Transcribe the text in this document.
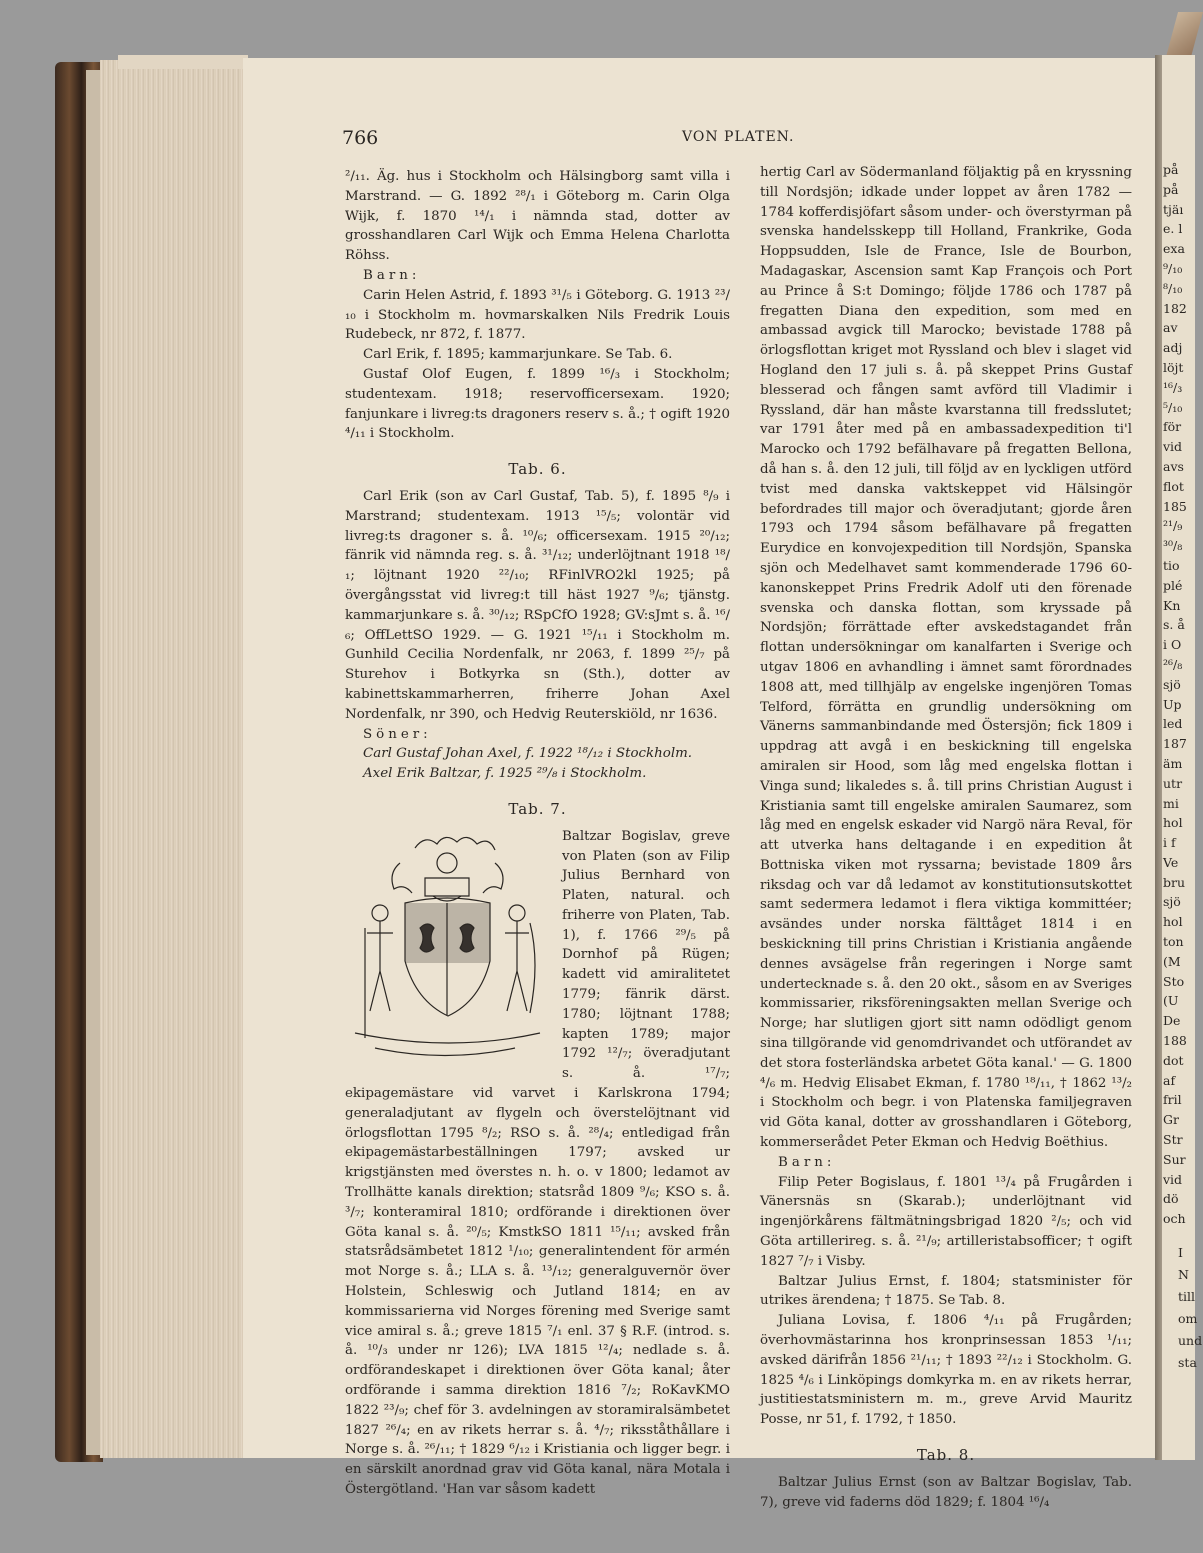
766	VON PLATEN.

²/₁₁. Äg. hus i Stockholm och Hälsingborg samt villa i Marstrand. — G. 1892 ²⁸/₁ i Göteborg m. Carin Olga Wijk, f. 1870 ¹⁴/₁ i nämnda stad, dotter av grosshandlaren Carl Wijk och Emma Helena Charlotta Röhss.

Barn:

Carin Helen Astrid, f. 1893 ³¹/₅ i Göteborg. G. 1913 ²³/₁₀ i Stockholm m. hovmarskalken Nils Fredrik Louis Rudebeck, nr 872, f. 1877.

Carl Erik, f. 1895; kammarjunkare. Se Tab. 6.

Gustaf Olof Eugen, f. 1899 ¹⁶/₃ i Stockholm; studentexam. 1918; reservofficersexam. 1920; fanjunkare i livreg:ts dragoners reserv s. å.; † ogift 1920 ⁴/₁₁ i Stockholm.

Tab. 6.

Carl Erik (son av Carl Gustaf, Tab. 5), f. 1895 ⁸/₉ i Marstrand; studentexam. 1913 ¹⁵/₅; volontär vid livreg:ts dragoner s. å. ¹⁰/₆; officersexam. 1915 ²⁰/₁₂; fänrik vid nämnda reg. s. å. ³¹/₁₂; underlöjtnant 1918 ¹⁸/₁; löjtnant 1920 ²²/₁₀; RFinlVRO2kl 1925; på övergångsstat vid livreg:t till häst 1927 ⁹/₆; tjänstg. kammarjunkare s. å. ³⁰/₁₂; RSpCfO 1928; GV:sJmt s. å. ¹⁶/₆; OffLettSO 1929. — G. 1921 ¹⁵/₁₁ i Stockholm m. Gunhild Cecilia Nordenfalk, nr 2063, f. 1899 ²⁵/₇ på Sturehov i Botkyrka sn (Sth.), dotter av kabinettskammarherren, friherre Johan Axel Nordenfalk, nr 390, och Hedvig Reuterskiöld, nr 1636.

Söner:

Carl Gustaf Johan Axel, f. 1922 ¹⁸/₁₂ i Stockholm.

Axel Erik Baltzar, f. 1925 ²⁹/₈ i Stockholm.

Tab. 7.

Baltzar Bogislav, greve von Platen (son av Filip Julius Bernhard von Platen, natural. och friherre von Platen, Tab. 1), f. 1766 ²⁹/₅ på Dornhof på Rügen; kadett vid amiralitetet 1779; fänrik därst. 1780; löjtnant 1788; kapten 1789; major 1792 ¹²/₇; överadjutant s. å. ¹⁷/₇; ekipagemästare vid varvet i Karlskrona 1794; generaladjutant av flygeln och överstelöjtnant vid örlogsflottan 1795 ⁸/₂; RSO s. å. ²⁸/₄; entledigad från ekipagemästarbeställningen 1797; avsked ur krigstjänsten med överstes n. h. o. v 1800; ledamot av Trollhätte kanals direktion; statsråd 1809 ⁹/₆; KSO s. å. ³/₇; konteramiral 1810; ordförande i direktionen över Göta kanal s. å. ²⁰/₅; KmstkSO 1811 ¹⁵/₁₁; avsked från statsrådsämbetet 1812 ¹/₁₀; generalintendent för armén mot Norge s. å.; LLA s. å. ¹³/₁₂; generalguvernör över Holstein, Schleswig och Jutland 1814; en av kommissarierna vid Norges förening med Sverige samt vice amiral s. å.; greve 1815 ⁷/₁ enl. 37 § R.F. (introd. s. å. ¹⁰/₃ under nr 126); LVA 1815 ¹²/₄; nedlade s. å. ordförandeskapet i direktionen över Göta kanal; åter ordförande i samma direktion 1816 ⁷/₂; RoKavKMO 1822 ²³/₉; chef för 3. avdelningen av storamiralsämbetet 1827 ²⁶/₄; en av rikets herrar s. å. ⁴/₇; riksståthållare i Norge s. å. ²⁶/₁₁; † 1829 ⁶/₁₂ i Kristiania och ligger begr. i en särskilt anordnad grav vid Göta kanal, nära Motala i Östergötland. 'Han var såsom kadett

hertig Carl av Södermanland följaktig på en kryssning till Nordsjön; idkade under loppet av åren 1782 —1784 kofferdisjöfart såsom under- och överstyrman på svenska handelsskepp till Holland, Frankrike, Goda Hoppsudden, Isle de France, Isle de Bourbon, Madagaskar, Ascension samt Kap François och Port au Prince å S:t Domingo; följde 1786 och 1787 på fregatten Diana den expedition, som med en ambassad avgick till Marocko; bevistade 1788 på örlogsflottan kriget mot Ryssland och blev i slaget vid Hogland den 17 juli s. å. på skeppet Prins Gustaf blesserad och fången samt avförd till Vladimir i Ryssland, där han måste kvarstanna till fredsslutet; var 1791 åter med på en ambassadexpedition ti'l Marocko och 1792 befälhavare på fregatten Bellona, då han s. å. den 12 juli, till följd av en lyckligen utförd tvist med danska vaktskeppet vid Hälsingör befordrades till major och överadjutant; gjorde åren 1793 och 1794 såsom befälhavare på fregatten Eurydice en konvojexpedition till Nordsjön, Spanska sjön och Medelhavet samt kommenderade 1796 60-kanonskeppet Prins Fredrik Adolf uti den förenade svenska och danska flottan, som kryssade på Nordsjön; förrättade efter avskedstagandet från flottan undersökningar om kanalfarten i Sverige och utgav 1806 en avhandling i ämnet samt förordnades 1808 att, med tillhjälp av engelske ingenjören Tomas Telford, förrätta en grundlig undersökning om Vänerns sammanbindande med Östersjön; fick 1809 i uppdrag att avgå i en beskickning till engelska amiralen sir Hood, som låg med engelska flottan i Vinga sund; likaledes s. å. till prins Christian August i Kristiania samt till engelske amiralen Saumarez, som låg med en engelsk eskader vid Nargö nära Reval, för att utverka hans deltagande i en expedition åt Bottniska viken mot ryssarna; bevistade 1809 års riksdag och var då ledamot av konstitutionsutskottet samt sedermera ledamot i flera viktiga kommittéer; avsändes under norska fälttåget 1814 i en beskickning till prins Christian i Kristiania angående dennes avsägelse från regeringen i Norge samt undertecknade s. å. den 20 okt., såsom en av Sveriges kommissarier, riksföreningsakten mellan Sverige och Norge; har slutligen gjort sitt namn odödligt genom sina tillgörande vid genomdrivandet och utförandet av det stora fosterländska arbetet Göta kanal.' — G. 1800 ⁴/₆ m. Hedvig Elisabet Ekman, f. 1780 ¹⁸/₁₁, † 1862 ¹³/₂ i Stockholm och begr. i von Platenska familjegraven vid Göta kanal, dotter av grosshandlaren i Göteborg, kommerserådet Peter Ekman och Hedvig Boëthius.

Barn:

Filip Peter Bogislaus, f. 1801 ¹³/₄ på Frugården i Vänersnäs sn (Skarab.); underlöjtnant vid ingenjörkårens fältmätningsbrigad 1820 ²/₅; och vid Göta artillerireg. s. å. ²¹/₉; artilleristabsofficer; † ogift 1827 ⁷/₇ i Visby.

Baltzar Julius Ernst, f. 1804; statsminister för utrikes ärendena; † 1875. Se Tab. 8.

Juliana Lovisa, f. 1806 ⁴/₁₁ på Frugården; överhovmästarinna hos kronprinsessan 1853 ¹/₁₁; avsked därifrån 1856 ²¹/₁₁; † 1893 ²²/₁₂ i Stockholm. G. 1825 ⁴/₆ i Linköpings domkyrka m. en av rikets herrar, justitiestatsministern m. m., greve Arvid Mauritz Posse, nr 51, f. 1792, † 1850.

Tab. 8.

Baltzar Julius Ernst (son av Baltzar Bogislav, Tab. 7), greve vid faderns död 1829; f. 1804 ¹⁶/₄

på
på
tjäı
e. l
exa
⁹/₁₀
⁸/₁₀
182
av
adj
löjt
¹⁶/₃
⁵/₁₀
för
vid
avs
flot
185
²¹/₉
³⁰/₈
tio
plé
Kn
s. å
i O
²⁶/₈
sjö
Up
led
187
äm
utr
mi
hol
i f
Ve
bru
sjö
hol
ton
(M
Sto
(U
De
188
dot
af
fril
Gr
Str
Sur
vid
dö
och
I
N
till
om
und
sta
